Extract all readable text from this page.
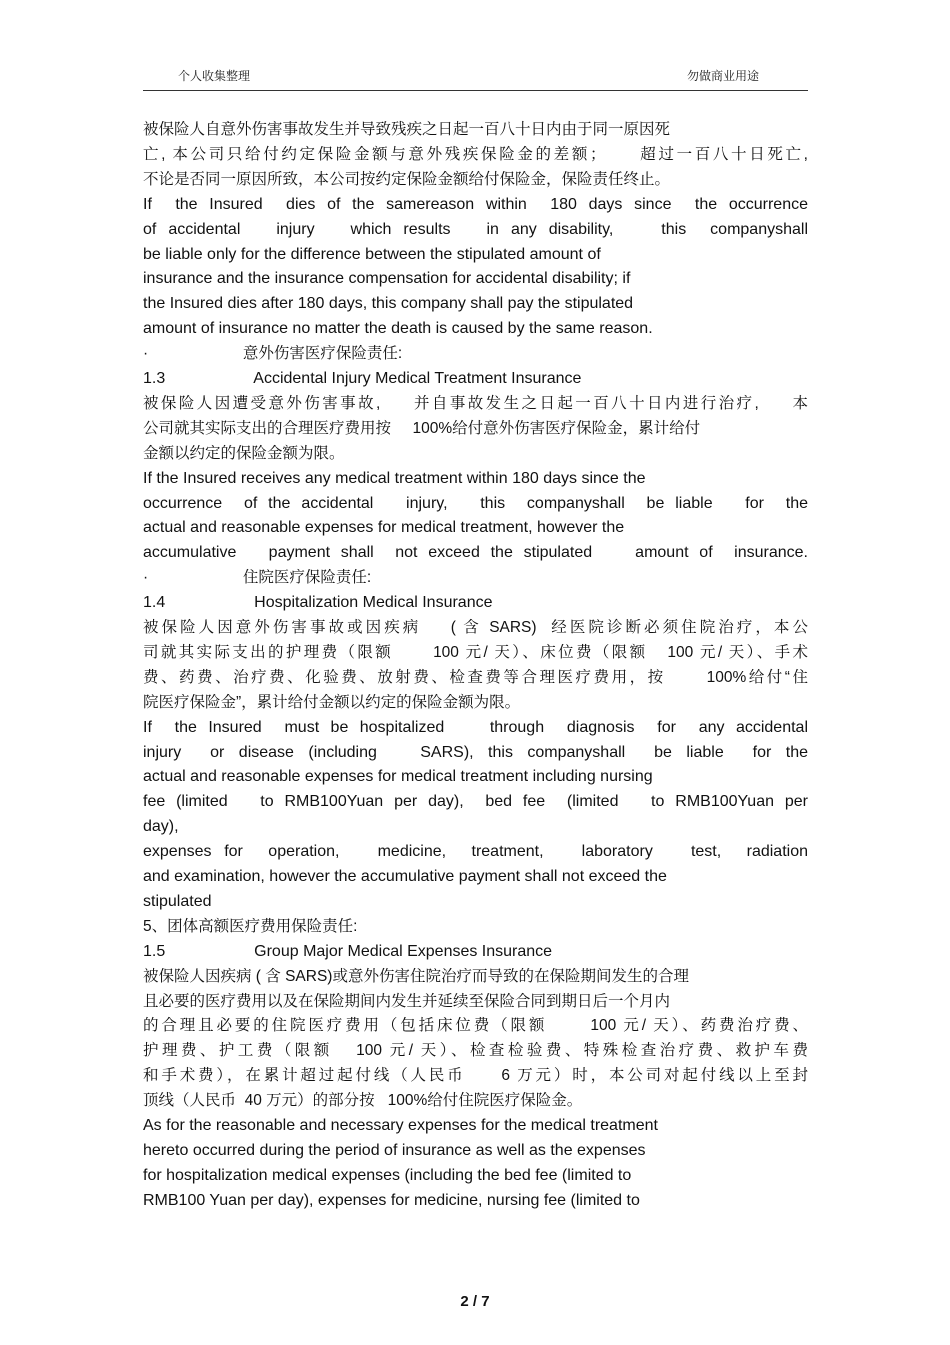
个人收集整理	勿做商业用途
被保险人自意外伤害事故发生并导致残疾之日起一百八十日内由于同一原因死
亡, 本公司只给付约定保险金额与意外残疾保险金的差额；     超过一百八十日死亡,
不论是否同一原因所致，本公司按约定保险金额给付保险金，保险责任终止。
If  the Insured  dies of the samereason within  180 days since  the occurrence
of accidental   injury   which results   in any disability,    this  companyshall
be liable only for the difference between the stipulated amount of
insurance and the insurance compensation for accidental disability; if
the Insured dies after 180 days, this company shall pay the stipulated
amount of insurance no matter the death is caused by the same reason.
·                      意外伤害医疗保险责任:
1.3                    Accidental Injury Medical Treatment Insurance
被保险人因遭受意外伤害事故,     并自事故发生之日起一百八十日内进行治疗,     本
公司就其实际支出的合理医疗费用按     100%给付意外伤害医疗保险金，累计给付
金额以约定的保险金额为限。
If the Insured receives any medical treatment within 180 days since the
occurrence  of the accidental   injury,   this  companyshall  be liable   for  the
actual and reasonable expenses for medical treatment, however the
accumulative   payment shall  not exceed the stipulated    amount of  insurance.
·                      住院医疗保险责任:
1.4                    Hospitalization Medical Insurance
被保险人因意外伤害事故或因疾病    ( 含 SARS)  经医院诊断必须住院治疗，本公
司就其实际支出的护理费（限额      100 元/ 天）、床位费（限额   100 元/ 天）、手术
费、药费、治疗费、化验费、放射费、检查费等合理医疗费用，按      100%给付“住
院医疗保险金”，累计给付金额以约定的保险金额为限。
If  the Insured  must be hospitalized    through  diagnosis  for  any accidental
injury  or disease (including   SARS), this companyshall  be liable  for the
actual and reasonable expenses for medical treatment including nursing
fee (limited   to RMB100Yuan per day),  bed fee  (limited   to RMB100Yuan per
day),
expenses for  operation,   medicine,  treatment,   laboratory   test,  radiation
and examination, however the accumulative payment shall not exceed the
stipulated
5、团体高额医疗费用保险责任:
1.5                    Group Major Medical Expenses Insurance
被保险人因疾病 ( 含 SARS)或意外伤害住院治疗而导致的在保险期间发生的合理
且必要的医疗费用以及在保险期间内发生并延续至保险合同到期日后一个月内
的合理且必要的住院医疗费用（包括床位费（限额      100 元/ 天）、药费治疗费、
护理费、护工费（限额   100 元/ 天）、检查检验费、特殊检查治疗费、救护车费
和手术费），在累计超过起付线（人民币     6 万元）时，本公司对起付线以上至封
顶线（人民币  40 万元）的部分按   100%给付住院医疗保险金。
As for the reasonable and necessary expenses for the medical treatment
hereto occurred during the period of insurance as well as the expenses
for hospitalization medical expenses (including the bed fee (limited to
RMB100 Yuan per day), expenses for medicine, nursing fee (limited to
2 / 7
